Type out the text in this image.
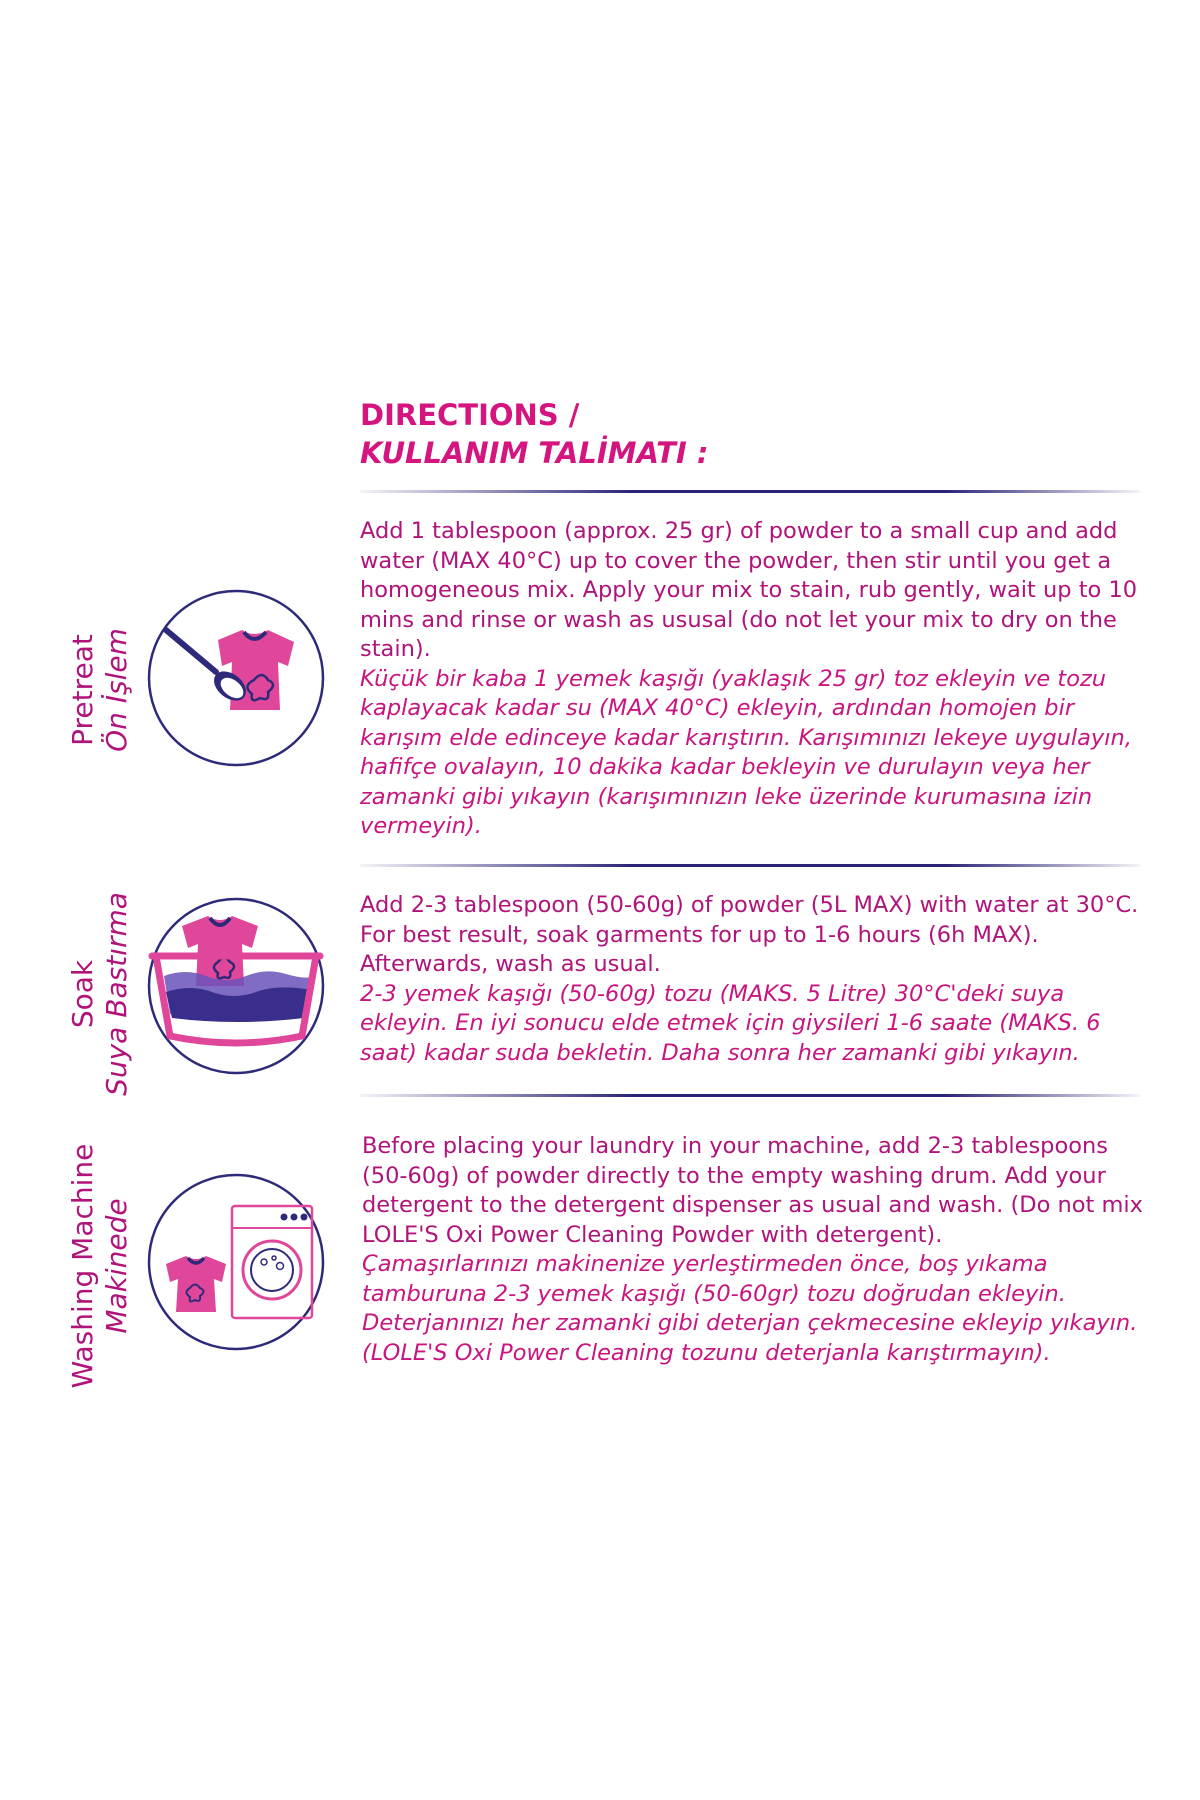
DIRECTIONS /
KULLANIM TALİMATI :
Pretreat Ön İşlem
Add 1 tablespoon (approx. 25 gr) of powder to a small cup and add water (MAX 40°C) up to cover the powder, then stir until you get a homogeneous mix. Apply your mix to stain, rub gently, wait up to 10 mins and rinse or wash as ususal (do not let your mix to dry on the stain).
Küçük bir kaba 1 yemek kaşığı (yaklaşık 25 gr) toz ekleyin ve tozu kaplayacak kadar su (MAX 40°C) ekleyin, ardından homojen bir karışım elde edinceye kadar karıştırın. Karışımınızı lekeye uygulayın, hafifçe ovalayın, 10 dakika kadar bekleyin ve durulayın veya her zamanki gibi yıkayın (karışımınızın leke üzerinde kurumasına izin vermeyin).
Soak Suya Bastırma	Add 2-3 tablespoon (50-60g) of powder (5L MAX) with water at 30°C. For best result, soak garments for up to 1-6 hours (6h MAX). Afterwards, wash as usual.
2-3 yemek kaşığı (50-60g) tozu (MAKS. 5 Litre) 30°C'deki suya ekleyin. En iyi sonucu elde etmek için giysileri 1-6 saate (MAKS. 6 saat) kadar suda bekletin. Daha sonra her zamanki gibi yıkayın.
Washing Machine Makinede
Before placing your laundry in your machine, add 2-3 tablespoons (50-60g) of powder directly to the empty washing drum. Add your detergent to the detergent dispenser as usual and wash. (Do not mix LOLE'S Oxi Power Cleaning Powder with detergent).
Çamaşırlarınızı makinenize yerleştirmeden önce, boş yıkama tamburuna 2-3 yemek kaşığı (50-60gr) tozu doğrudan ekleyin. Deterjanınızı her zamanki gibi deterjan çekmecesine ekleyip yıkayın. (LOLE'S Oxi Power Cleaning tozunu deterjanla karıştırmayın).
